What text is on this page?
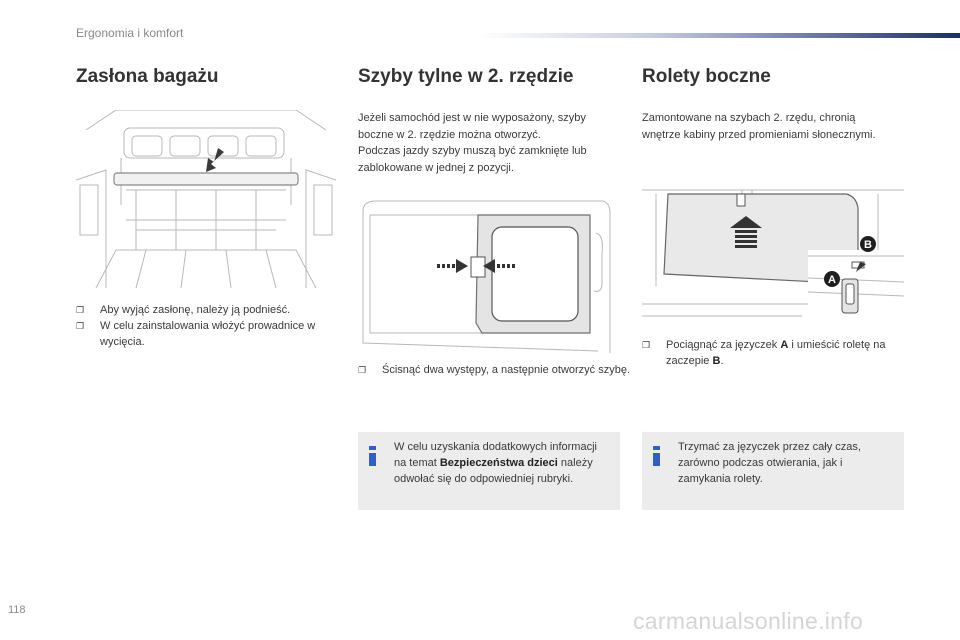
Ergonomia i komfort
Zasłona bagażu
❐ Aby wyjąć zasłonę, należy ją podnieść.
❐ W celu zainstalowania włożyć prowadnice w wycięcia.
Szyby tylne w 2. rzędzie
Jeżeli samochód jest w nie wyposażony, szyby boczne w 2. rzędzie można otworzyć.
Podczas jazdy szyby muszą być zamknięte lub zablokowane w jednej z pozycji.
❐ Ścisnąć dwa występy, a następnie otworzyć szybę.
W celu uzyskania dodatkowych informacji na temat Bezpieczeństwa dzieci należy odwołać się do odpowiedniej rubryki.
Rolety boczne
Zamontowane na szybach 2. rzędu, chronią wnętrze kabiny przed promieniami słonecznymi.
B
A
❐ Pociągnąć za języczek A i umieścić roletę na zaczepie B.
Trzymać za języczek przez cały czas, zarówno podczas otwierania, jak i zamykania rolety.
118	carmanualsonline.info
